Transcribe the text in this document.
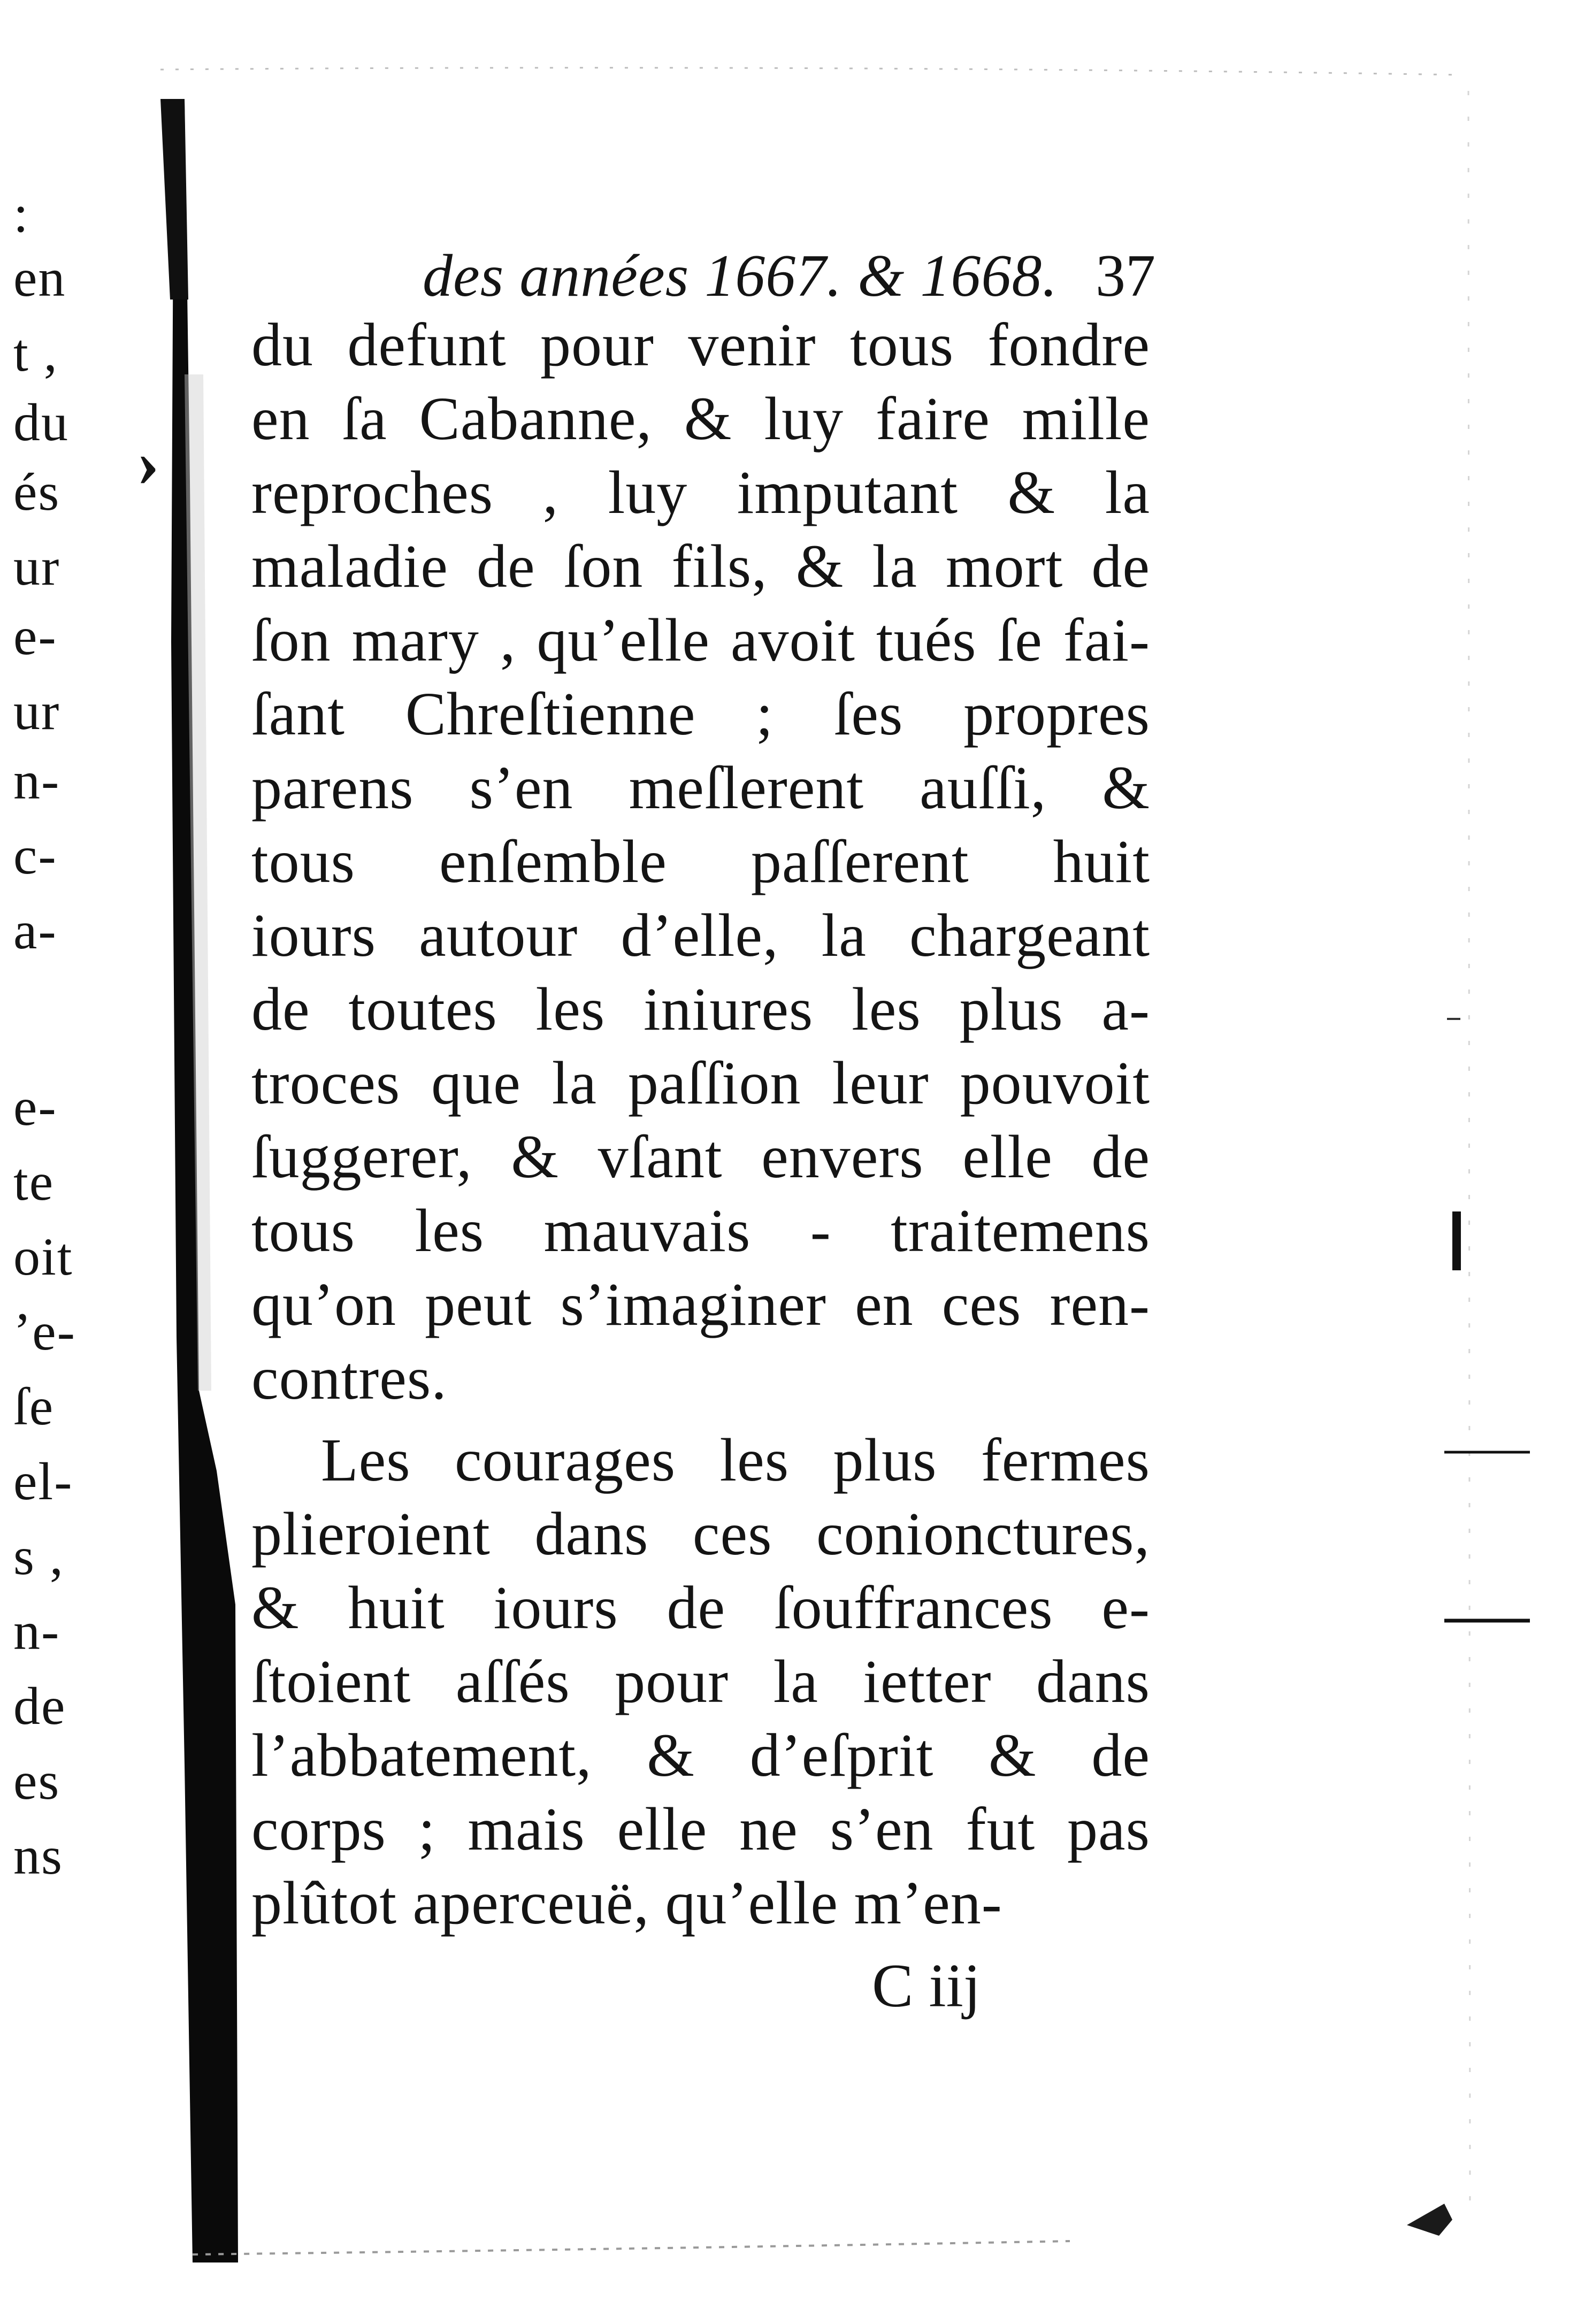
:
en
t ,
du
és
ur
e-
ur
n-
c-
a-
e-
te
oit
’e-
ſe
el-
s ,
n-
de
es
ns
›
des années 1667. & 1668. 37
du defunt pour venir tous fondre
en ſa Cabanne, & luy faire mille
reproches , luy imputant & la
maladie de ſon fils, & la mort de
ſon mary , qu’elle avoit tués ſe fai-
ſant Chreſtienne ; ſes propres
parens s’en meſlerent auſſi, &
tous enſemble paſſerent huit
iours autour d’elle, la chargeant
de toutes les iniures les plus a-
troces que la paſſion leur pouvoit
ſuggerer, & vſant envers elle de
tous les mauvais - traitemens
qu’on peut s’imaginer en ces ren-
contres.
Les courages les plus fermes
plieroient dans ces conionctures,
& huit iours de ſouffrances e-
ſtoient aſſés pour la ietter dans
l’abbatement, & d’eſprit & de
corps ; mais elle ne s’en fut pas
plûtot aperceuë, qu’elle m’en-
C iij
